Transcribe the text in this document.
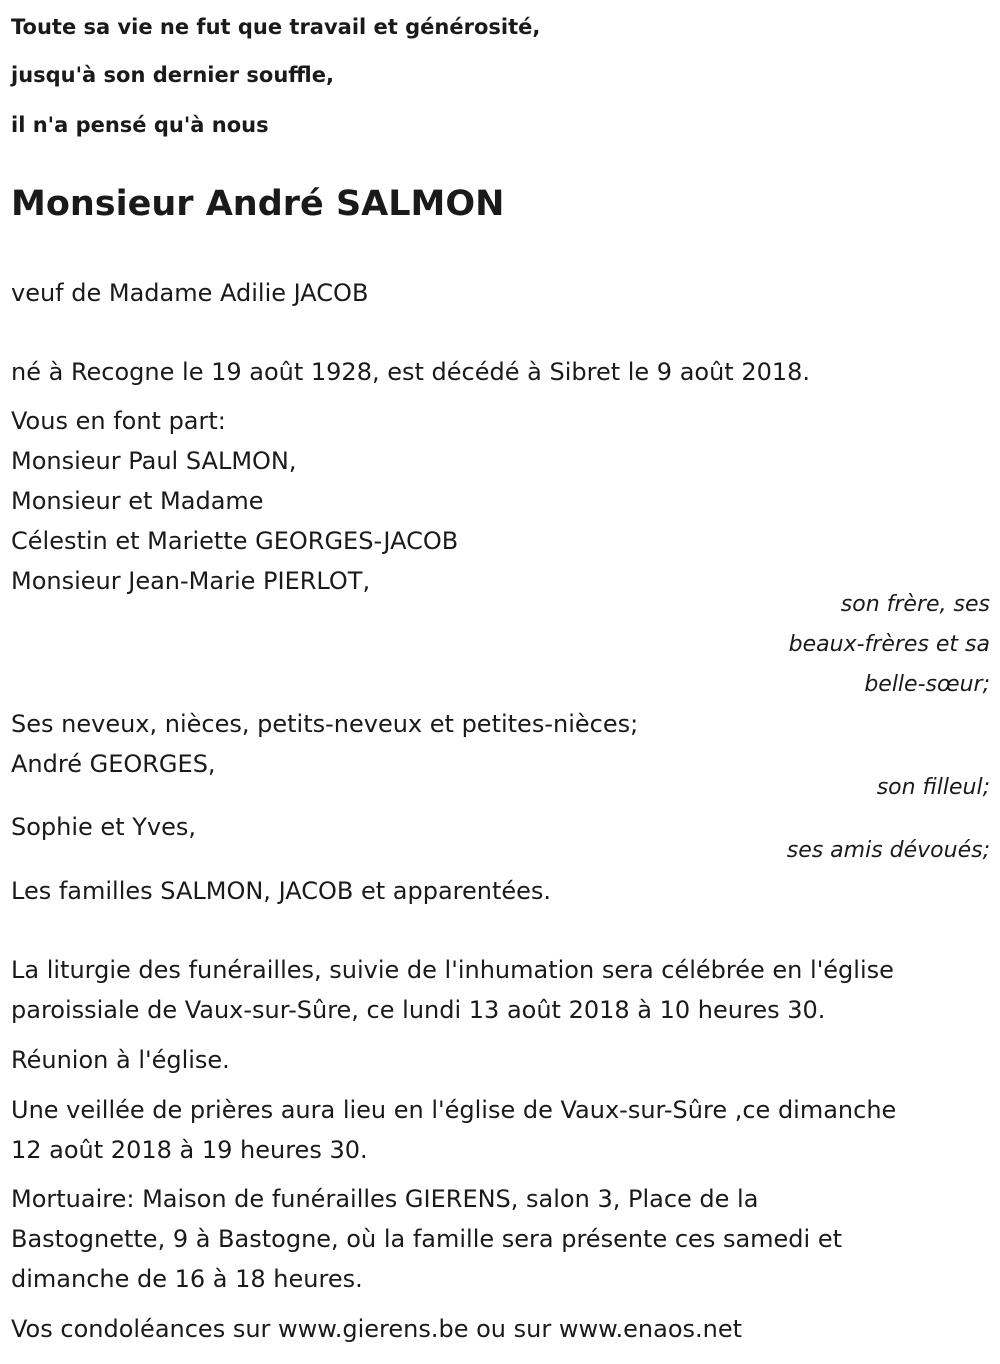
Toute sa vie ne fut que travail et générosité,
jusqu'à son dernier souffle,
il n'a pensé qu'à nous
Monsieur André SALMON
veuf de Madame Adilie JACOB
né à Recogne le 19 août 1928, est décédé à Sibret le 9 août 2018.
Vous en font part:
Monsieur Paul SALMON,
Monsieur et Madame
Célestin et Mariette GEORGES-JACOB
Monsieur Jean-Marie PIERLOT,
son frère, ses
beaux-frères et sa
belle-sœur;
Ses neveux, nièces, petits-neveux et petites-nièces;
André GEORGES,
son filleul;
Sophie et Yves,
ses amis dévoués;
Les familles SALMON, JACOB et apparentées.
La liturgie des funérailles, suivie de l'inhumation sera célébrée en l'église
paroissiale de Vaux-sur-Sûre, ce lundi 13 août 2018 à 10 heures 30.
Réunion à l'église.
Une veillée de prières aura lieu en l'église de Vaux-sur-Sûre ,ce dimanche
12 août 2018 à 19 heures 30.
Mortuaire: Maison de funérailles GIERENS, salon 3, Place de la
Bastognette, 9 à Bastogne, où la famille sera présente ces samedi et
dimanche de 16 à 18 heures.
Vos condoléances sur www.gierens.be ou sur www.enaos.net
